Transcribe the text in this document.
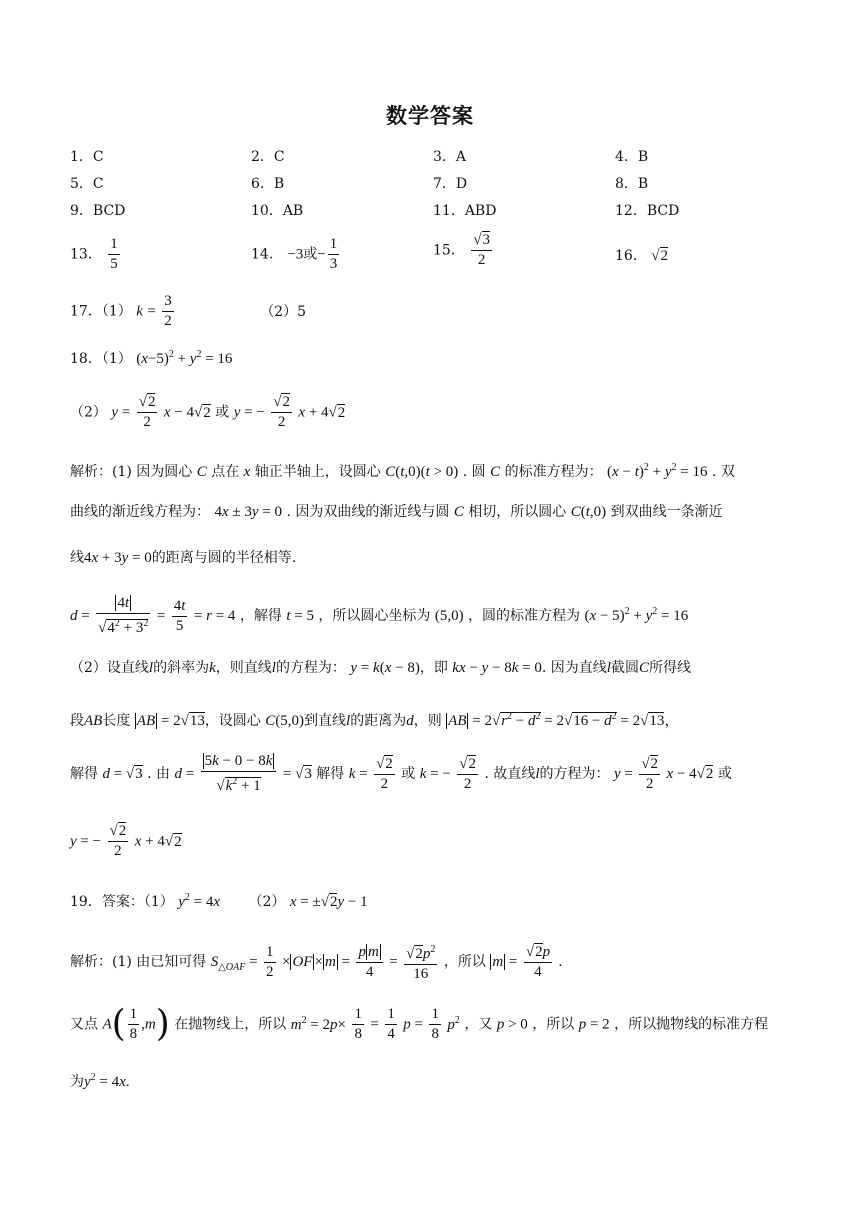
数学答案
1．C	2．C	3．A	4．B
5．C	6．B	7．D	8．B
9．BCD	10．AB	11．ABD	12．BCD
13． $\frac{1}{5}$	14． −3或− $\frac{1}{3}$	15． $\frac{√3}{2}$	16． √2
17．（1） $k = \frac{3}{2}$	（2）5
18．（1） $(x-5)^2 + y^2 = 16$
（2） $y = \frac{√2}{2}$ x − 4√2 或 y = − $\frac{√2}{2}$ x + 4√2
解析：(1) 因为圆心 C 点在 x 轴正半轴上，设圆心 C(t,0)(t > 0) . 圆 C 的标准方程为： $(x - t)^2 + y^2 = 16$ . 双
曲线的渐近线方程为： 4x ± 3y = 0 . 因为双曲线的渐近线与圆 C 相切，所以圆心 C(t,0) 到双曲线一条渐近
线4x + 3y = 0的距离与圆的半径相等.
$d = \frac{4t}{√4^2 + 3^2} = \frac{4t}{5} = r = 4$ ，解得 t = 5 ，所以圆心坐标为 (5,0) ，圆的标准方程为 $(x - 5)^2 + y^2 = 16$
（2）设直线l的斜率为k，则直线l的方程为： y = k(x − 8)，即 kx − y − 8k = 0. 因为直线l截圆C所得线
段AB长度 AB = 2√13，设圆心 C(5,0)到直线l的距离为d，则 AB = $2√r^2 - d^2 = 2√16 - d^2 = 2√13$，
解得 d = √3 . 由 $d = \frac{5k - 0 - 8k}{√k^2 + 1} = √3$ 解得 $k = \frac{√2}{2}$ 或 k = − $\frac{√2}{2}$ . 故直线l的方程为： $y = \frac{√2}{2}$ x − 4√2 或
y = − $\frac{√2}{2}$ x + 4√2
19．答案：（1） $y^2 = 4x$ （2） x = ±√2y − 1
解析：(1) 由已知可得 $S_{\triangle OAF} = \frac{1}{2}$ × OF × $m = \frac{\text{p m}}{4} = \frac{√2p^2}{16}$ ，所以 $m = \frac{√2p}{4}$ .
又点 $A( \frac{1}{8} ,m)$ 在抛物线上，所以 $m^2 = 2p\times \frac{1}{8} = \frac{1}{4}$ $p = \frac{1}{8} p^2$ ，又 p > 0 ，所以 p = 2 ，所以抛物线的标准方程
为$y^2 = 4x$.
